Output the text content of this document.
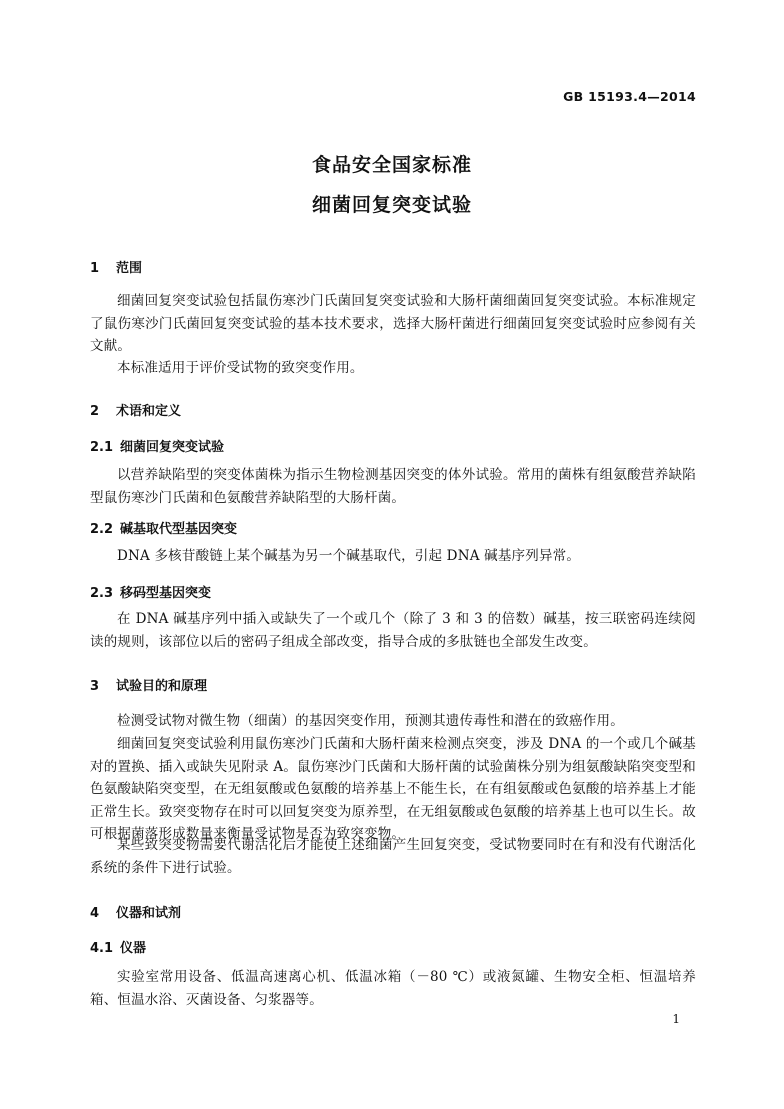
GB 15193.4—2014
食品安全国家标准
细菌回复突变试验
1 范围
细菌回复突变试验包括鼠伤寒沙门氏菌回复突变试验和大肠杆菌细菌回复突变试验。本标准规定了鼠伤寒沙门氏菌回复突变试验的基本技术要求，选择大肠杆菌进行细菌回复突变试验时应参阅有关文献。
本标准适用于评价受试物的致突变作用。
2 术语和定义
2.1 细菌回复突变试验
以营养缺陷型的突变体菌株为指示生物检测基因突变的体外试验。常用的菌株有组氨酸营养缺陷型鼠伤寒沙门氏菌和色氨酸营养缺陷型的大肠杆菌。
2.2 碱基取代型基因突变
DNA 多核苷酸链上某个碱基为另一个碱基取代，引起 DNA 碱基序列异常。
2.3 移码型基因突变
在 DNA 碱基序列中插入或缺失了一个或几个（除了 3 和 3 的倍数）碱基，按三联密码连续阅读的规则，该部位以后的密码子组成全部改变，指导合成的多肽链也全部发生改变。
3 试验目的和原理
检测受试物对微生物（细菌）的基因突变作用，预测其遗传毒性和潜在的致癌作用。
细菌回复突变试验利用鼠伤寒沙门氏菌和大肠杆菌来检测点突变，涉及 DNA 的一个或几个碱基对的置换、插入或缺失见附录 A。鼠伤寒沙门氏菌和大肠杆菌的试验菌株分别为组氨酸缺陷突变型和色氨酸缺陷突变型，在无组氨酸或色氨酸的培养基上不能生长，在有组氨酸或色氨酸的培养基上才能正常生长。致突变物存在时可以回复突变为原养型，在无组氨酸或色氨酸的培养基上也可以生长。故可根据菌落形成数量来衡量受试物是否为致突变物。
某些致突变物需要代谢活化后才能使上述细菌产生回复突变，受试物要同时在有和没有代谢活化系统的条件下进行试验。
4 仪器和试剂
4.1 仪器
实验室常用设备、低温高速离心机、低温冰箱（－80 ℃）或液氮罐、生物安全柜、恒温培养箱、恒温水浴、灭菌设备、匀浆器等。
1
